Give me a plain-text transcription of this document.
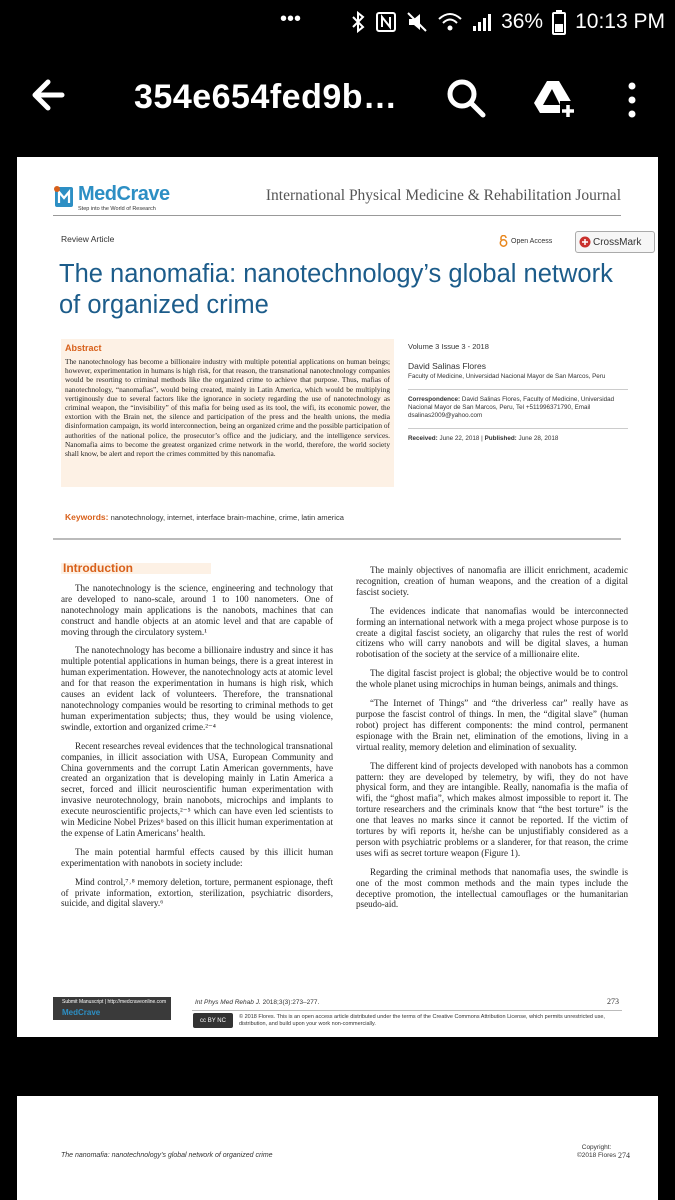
•••	36% 10:13 PM
354e654fed9b…
MedCrave
Step into the World of Research
International Physical Medicine & Rehabilitation Journal
Review Article	Open Access	CrossMark
The nanomafia: nanotechnology’s global network of organized crime
Abstract
The nanotechnology has become a billionaire industry with multiple potential applications on human beings; however, experimentation in humans is high risk, for that reason, the transnational nanotechnology companies would be resorting to criminal methods like the organized crime to achieve that purpose. Thus, mafias of nanotechnology, “nanomafias”, would being created, mainly in Latin America, which would be multiplying vertiginously due to several factors like the ignorance in society regarding the use of nanotechnology as criminal weapon, the “invisibility” of this mafia for being used as its tool, the wifi, its economic power, the extortion with the Brain net, the silence and participation of the press and the health unions, the media disinformation campaign, its world interconnection, being an organized crime and the possible participation of authorities of the national police, the prosecutor’s office and the judiciary, and the intelligence services. Nanomafia aims to become the greatest organized crime network in the world, therefore, the world society shall know, be alert and report the crimes committed by this nanomafia.
Keywords: nanotechnology, internet, interface brain-machine, crime, latin america
Volume 3 Issue 3 - 2018
David Salinas Flores
Faculty of Medicine, Universidad Nacional Mayor de San Marcos, Peru
Correspondence: David Salinas Flores, Faculty of Medicine, Universidad Nacional Mayor de San Marcos, Peru, Tel +511996371790, Email dsalinas2009@yahoo.com
Received: June 22, 2018 | Published: June 28, 2018
Introduction

The nanotechnology is the science, engineering and technology that are developed to nano-scale, around 1 to 100 nanometers. One of nanotechnology main applications is the nanobots, machines that can construct and handle objects at an atomic level and that are capable of moving through the circulatory system.¹

The nanotechnology has become a billionaire industry and since it has multiple potential applications in human beings, there is a great interest in human experimentation. However, the nanotechnology acts at atomic level and for that reason the experimentation in humans is high risk, which causes an evident lack of volunteers. Therefore, the transnational nanotechnology companies would be resorting to criminal methods to get human experimentation subjects; thus, they would be using violence, swindle, extortion and organized crime.²⁻⁴

Recent researches reveal evidences that the technological transnational companies, in illicit association with USA, European Community and China governments and the corrupt Latin American governments, have created an organization that is developing mainly in Latin America a secret, forced and illicit neuroscientific human experimentation with invasive neurotechnology, brain nanobots, microchips and implants to execute neuroscientific projects,²⁻⁵ which can have even led scientists to win Medicine Nobel Prizes⁶ based on this illicit human experimentation at the expense of Latin Americans’ health.

The main potential harmful effects caused by this illicit human experimentation with nanobots in society include:

Mind control,⁷˒⁸ memory deletion, torture, permanent espionage, theft of private information, extortion, sterilization, psychiatric disorders, suicide, and digital slavery.⁶

The mainly objectives of nanomafia are illicit enrichment, academic recognition, creation of human weapons, and the creation of a digital fascist society.

The evidences indicate that nanomafias would be interconnected forming an international network with a mega project whose purpose is to create a digital fascist society, an oligarchy that rules the rest of world citizens who will carry nanobots and will be digital slaves, a human robotisation of the society at the service of a millionaire elite.

The digital fascist project is global; the objective would be to control the whole planet using microchips in human beings, animals and things.

“The Internet of Things” and “the driverless car” really have as purpose the fascist control of things. In men, the “digital slave” (human robot) project has different components: the mind control, permanent espionage with the Brain net, elimination of the emotions, living in a virtual reality, memory deletion and elimination of sexuality.

The different kind of projects developed with nanobots has a common pattern: they are developed by telemetry, by wifi, they do not have physical form, and they are intangible. Really, nanomafia is the mafia of wifi, the “ghost mafia”, which makes almost impossible to report it. The torture researchers and the criminals know that “the best torture” is the one that leaves no marks since it cannot be reported. If the victim of tortures by wifi reports it, he/she can be unjustifiably considered as a person with psychiatric problems or a slanderer, for that reason, the crime uses wifi as secret torture weapon (Figure 1).

Regarding the criminal methods that nanomafia uses, the swindle is one of the most common methods and the main types include the deceptive promotion, the intellectual camouflages or the humanitarian pseudo-aid.

Submit Manuscript | http://medcraveonline.com
MedCrave
Int Phys Med Rehab J. 2018;3(3):273‒277.	273
cc BY NC
© 2018 Flores. This is an open access article distributed under the terms of the Creative Commons Attribution License, which permits unrestricted use, distribution, and build upon your work non-commercially.
The nanomafia: nanotechnology’s global network of organized crime
Copyright:
©2018 Flores 274
